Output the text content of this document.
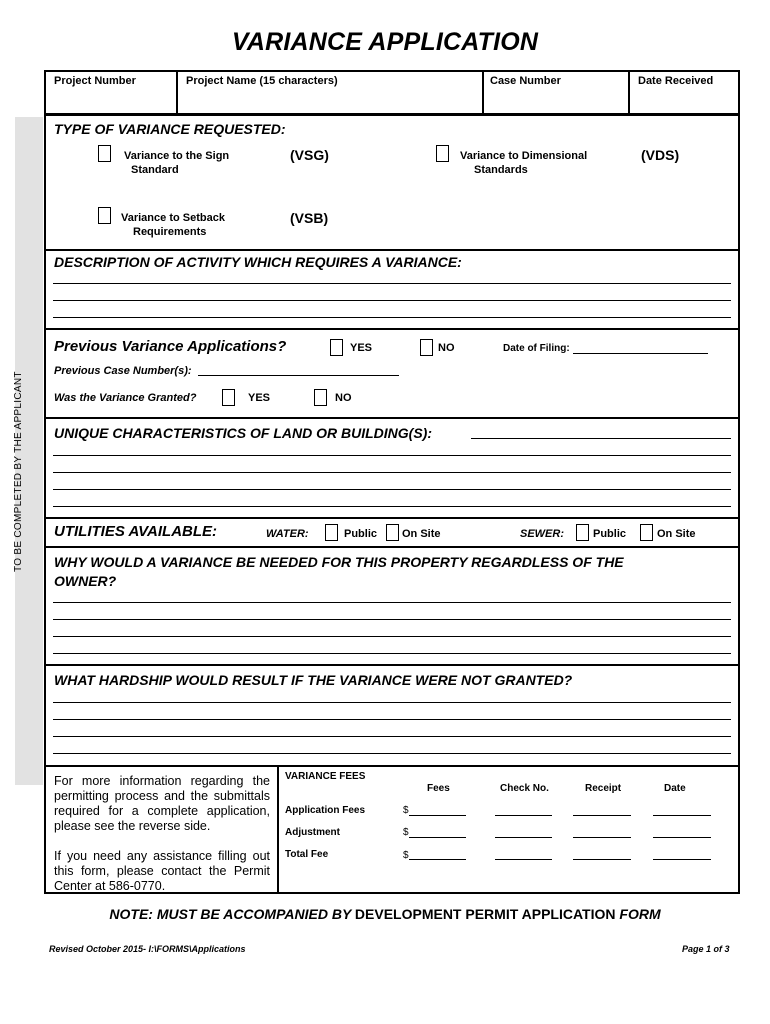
VARIANCE APPLICATION
TO BE COMPLETED BY THE APPLICANT
Project Number	Project Name (15 characters)	Case Number	Date Received
TYPE OF VARIANCE REQUESTED:
Variance to the Sign
Standard
(VSG)	Variance to Dimensional
Standards
(VDS)
Variance to Setback
Requirements
(VSB)
DESCRIPTION OF ACTIVITY WHICH REQUIRES A VARIANCE:
Previous Variance Applications?	YES	NO	Date of Filing:
Previous Case Number(s):
Was the Variance Granted?	YES	NO
UNIQUE CHARACTERISTICS OF LAND OR BUILDING(S):
UTILITIES AVAILABLE:	WATER:	Public On Site	SEWER:	Public	On Site
WHY WOULD A VARIANCE BE NEEDED FOR THIS PROPERTY REGARDLESS OF THE
OWNER?
WHAT HARDSHIP WOULD RESULT IF THE VARIANCE WERE NOT GRANTED?
For more information regarding the permitting process and the submittals required for a complete application, please see the reverse side.
If you need any assistance filling out this form, please contact the Permit Center at 586-0770.
VARIANCE FEES
Fees	Check No.	Receipt	Date
Application Fees	$
Adjustment	$
Total Fee	$
NOTE: MUST BE ACCOMPANIED BY DEVELOPMENT PERMIT APPLICATION FORM
Revised October 2015- I:\FORMS\Applications	Page 1 of 3
